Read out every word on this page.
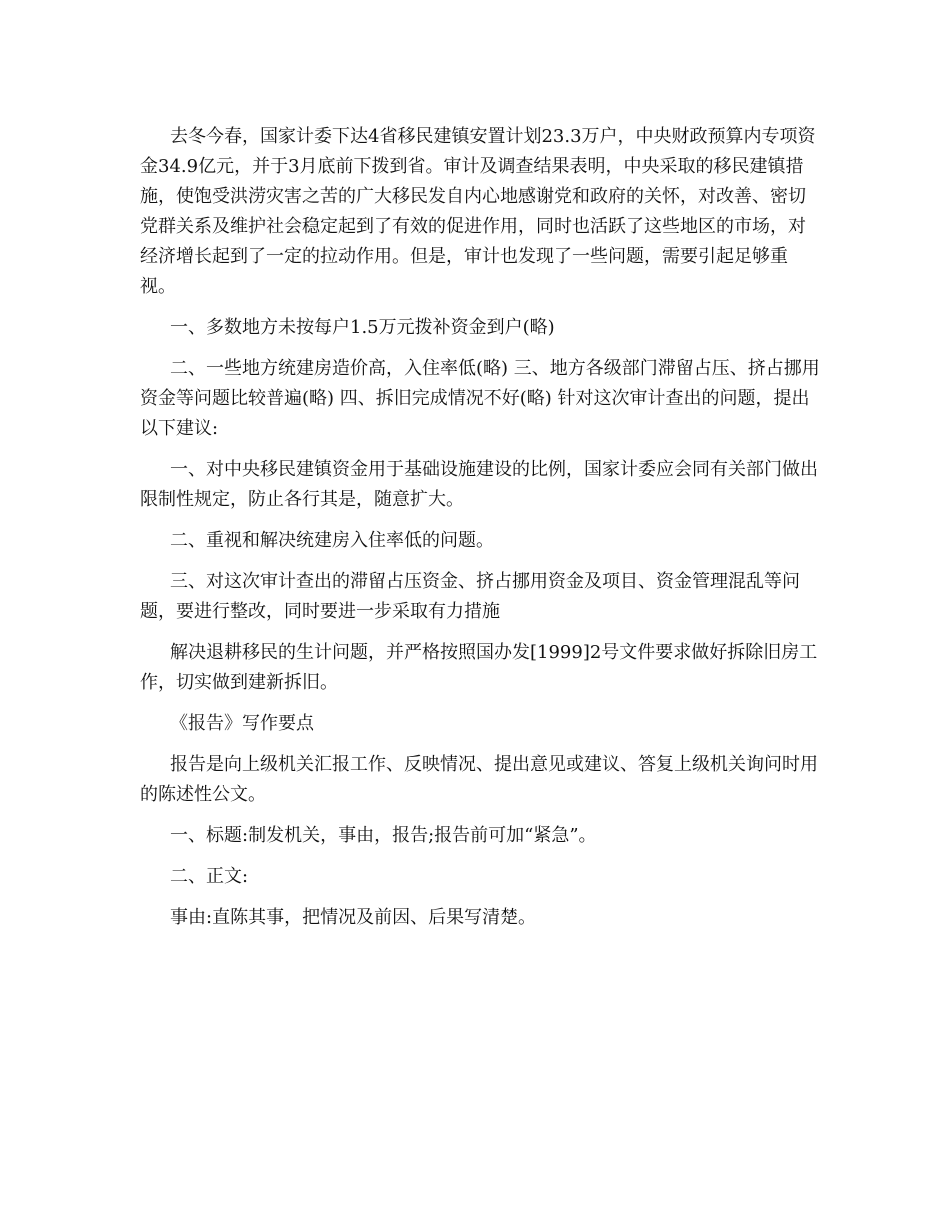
去冬今春，国家计委下达4省移民建镇安置计划23.3万户，中央财政预算内专项资金34.9亿元，并于3月底前下拨到省。审计及调查结果表明，中央采取的移民建镇措施，使饱受洪涝灾害之苦的广大移民发自内心地感谢党和政府的关怀，对改善、密切党群关系及维护社会稳定起到了有效的促进作用，同时也活跃了这些地区的市场，对经济增长起到了一定的拉动作用。但是，审计也发现了一些问题，需要引起足够重视。

一、多数地方未按每户1.5万元拨补资金到户(略)

二、一些地方统建房造价高，入住率低(略) 三、地方各级部门滞留占压、挤占挪用资金等问题比较普遍(略) 四、拆旧完成情况不好(略) 针对这次审计查出的问题，提出以下建议:

一、对中央移民建镇资金用于基础设施建设的比例，国家计委应会同有关部门做出限制性规定，防止各行其是，随意扩大。

二、重视和解决统建房入住率低的问题。

三、对这次审计查出的滞留占压资金、挤占挪用资金及项目、资金管理混乱等问题，要进行整改，同时要进一步采取有力措施

解决退耕移民的生计问题，并严格按照国办发[1999]2号文件要求做好拆除旧房工作，切实做到建新拆旧。

《报告》写作要点

报告是向上级机关汇报工作、反映情况、提出意见或建议、答复上级机关询问时用的陈述性公文。

一、标题:制发机关，事由，报告;报告前可加“紧急”。

二、正文:

事由:直陈其事，把情况及前因、后果写清楚。
